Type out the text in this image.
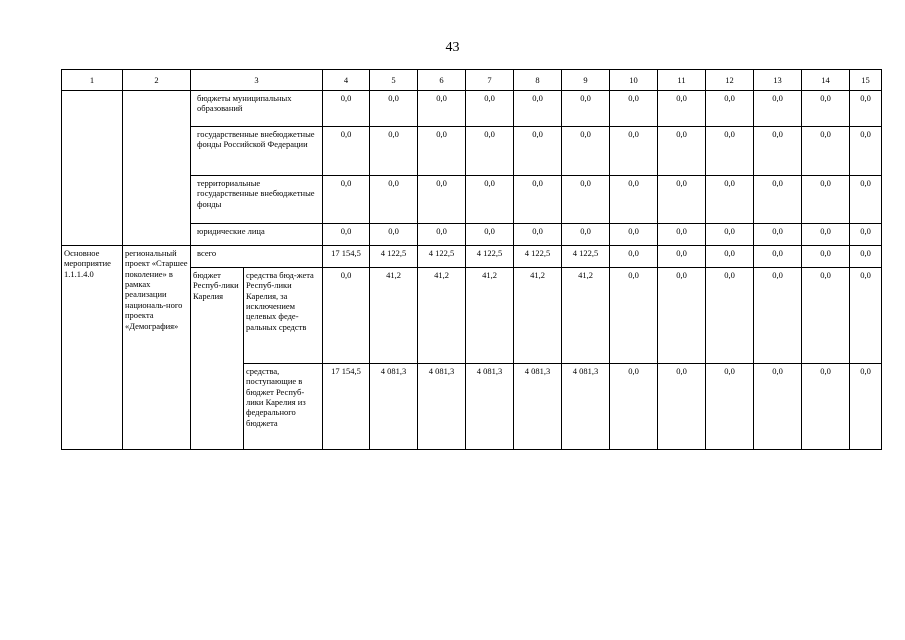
43
1	2	3		4	5	6	7	8	9	10	11	12	13	14	15
		бюджеты муниципальных образований		0,0	0,0	0,0	0,0	0,0	0,0	0,0	0,0	0,0	0,0	0,0	0,0
		государственные внебюджетные фонды Российской Федерации		0,0	0,0	0,0	0,0	0,0	0,0	0,0	0,0	0,0	0,0	0,0	0,0
		территориальные государственные внебюджетные фонды		0,0	0,0	0,0	0,0	0,0	0,0	0,0	0,0	0,0	0,0	0,0	0,0
		юридические лица		0,0	0,0	0,0	0,0	0,0	0,0	0,0	0,0	0,0	0,0	0,0	0,0
Основное мероприятие 1.1.1.4.0	региональный проект «Старшее поколение» в рамках реализации националь-ного проекта «Демография»	всего		17 154,5	4 122,5	4 122,5	4 122,5	4 122,5	4 122,5	0,0	0,0	0,0	0,0	0,0	0,0
		бюджет Респуб-лики Карелия	средства бюд-жета Респуб-лики Карелия, за исключением целевых феде-ральных средств	0,0	41,2	41,2	41,2	41,2	41,2	0,0	0,0	0,0	0,0	0,0	0,0
			средства, поступающие в бюджет Респуб-лики Карелия из федерального бюджета	17 154,5	4 081,3	4 081,3	4 081,3	4 081,3	4 081,3	0,0	0,0	0,0	0,0	0,0	0,0
